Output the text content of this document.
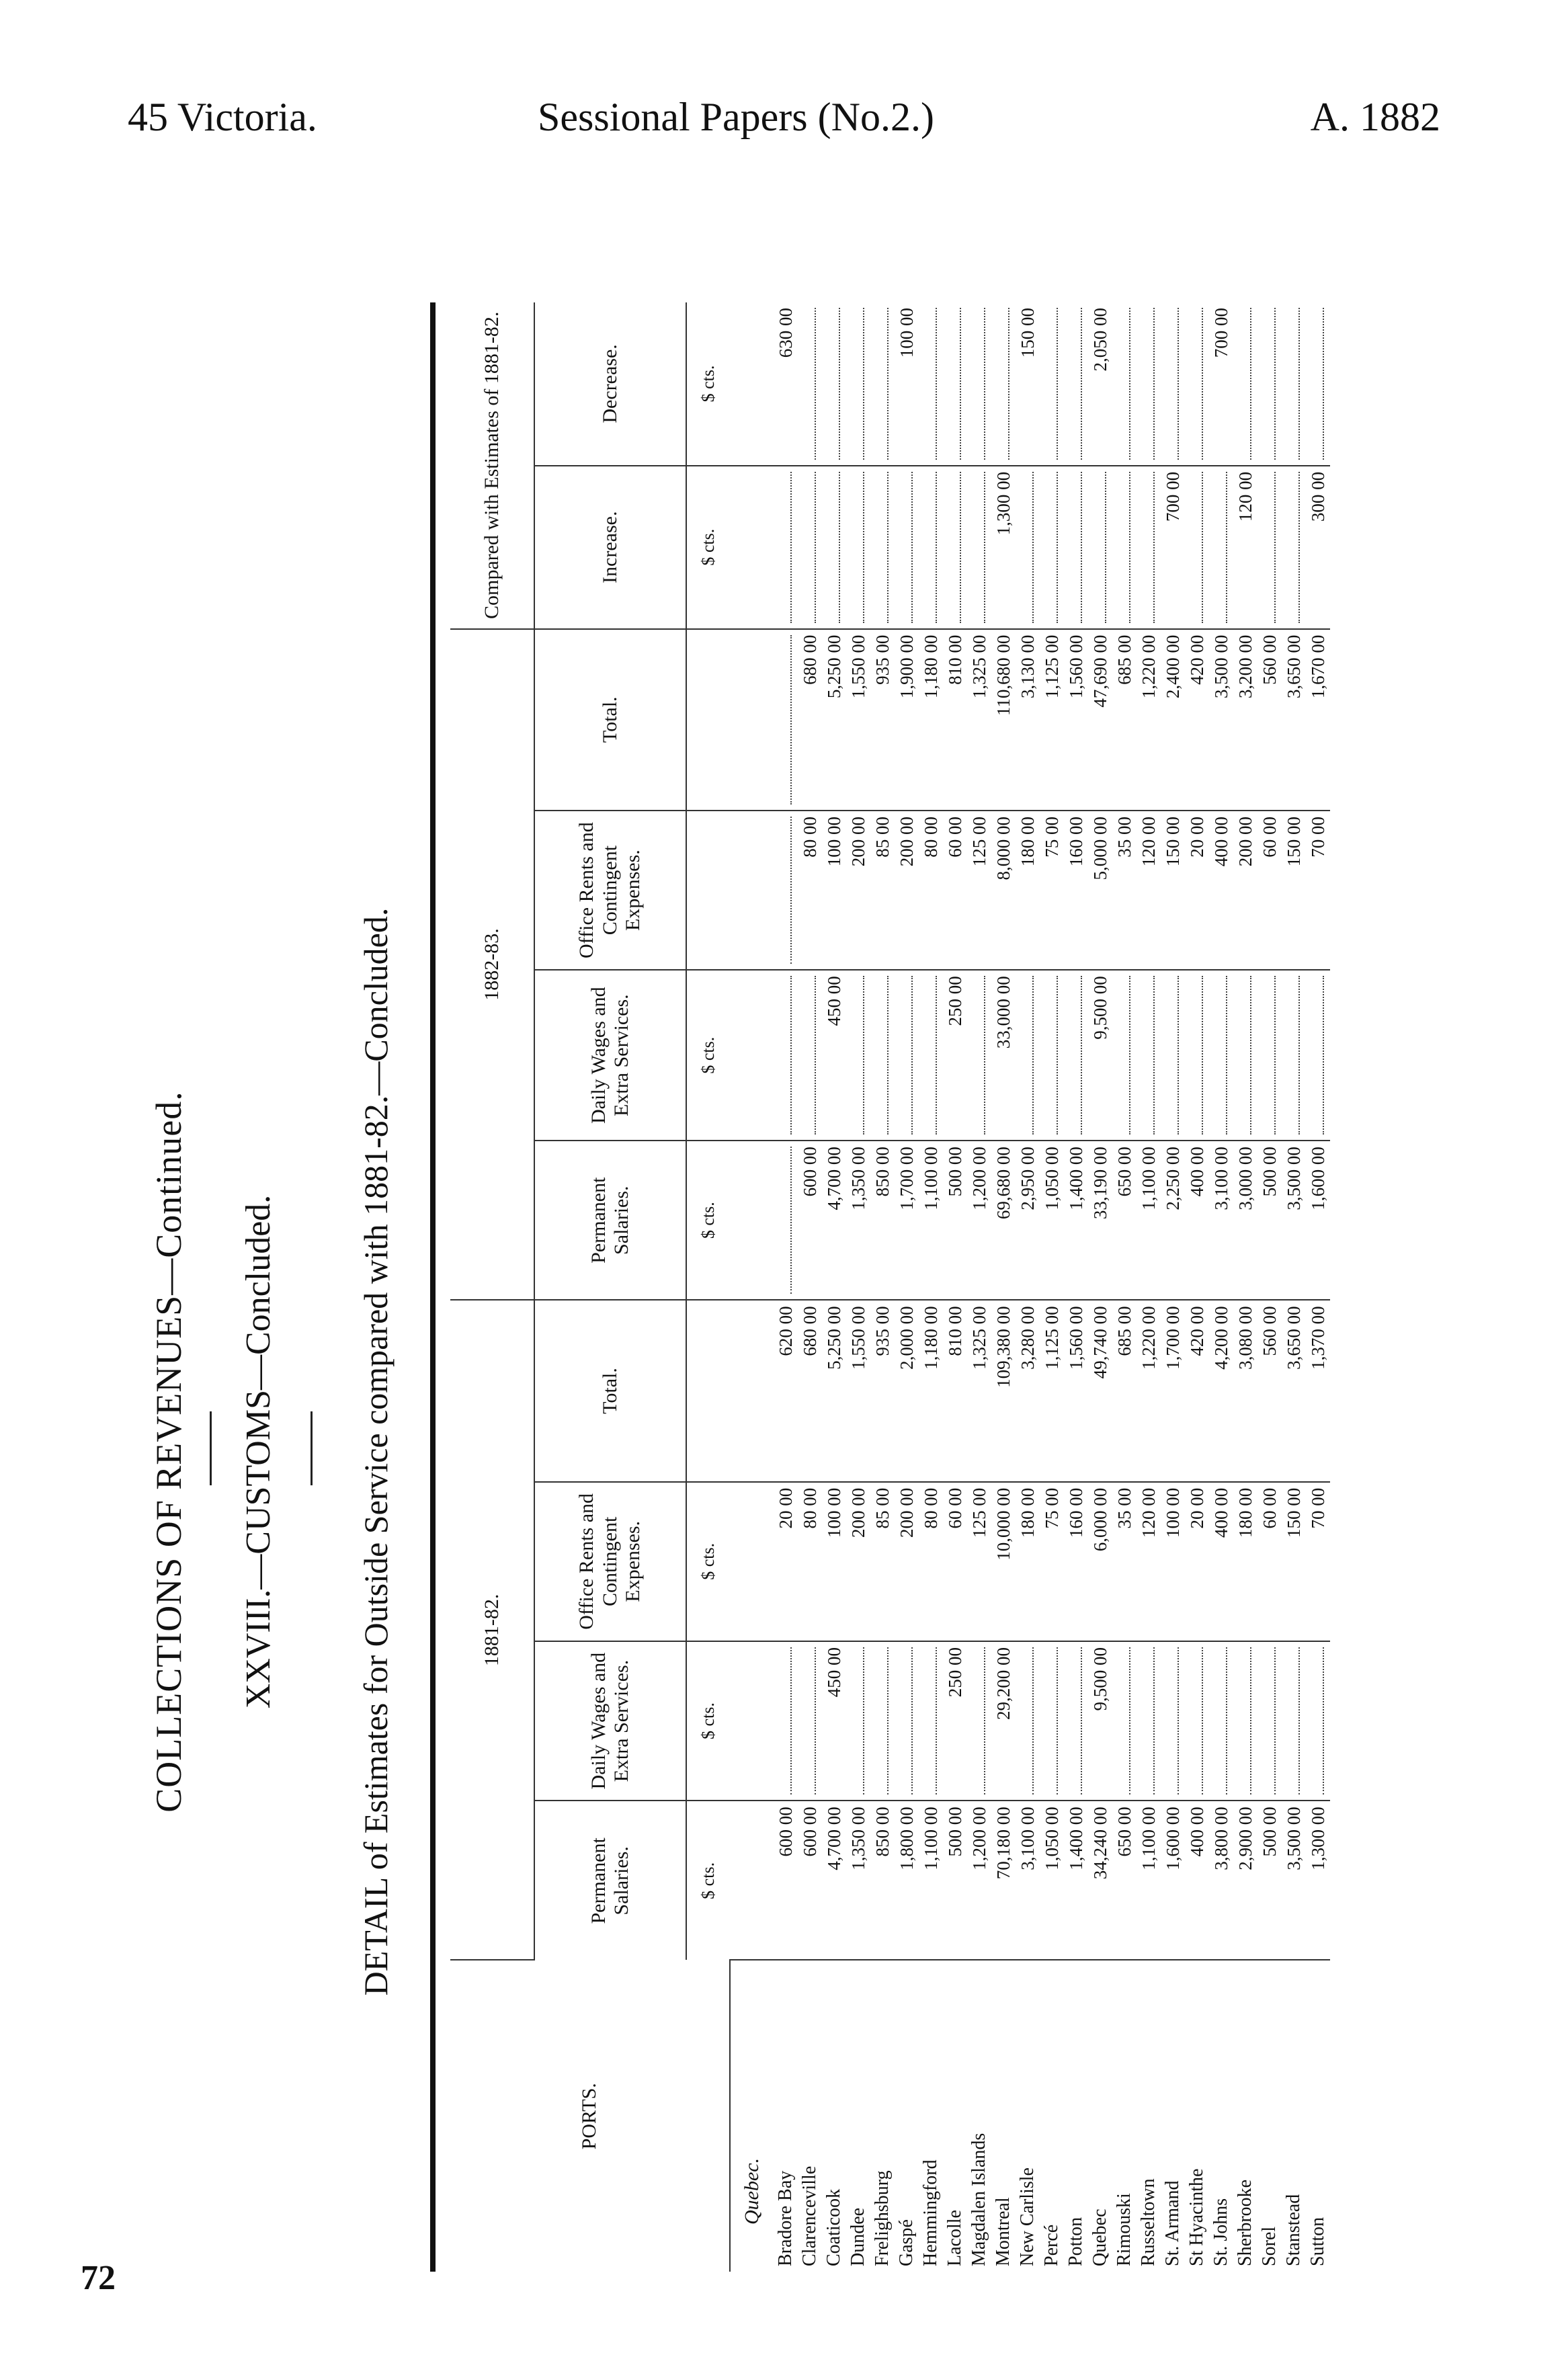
45 Victoria.	Sessional Papers (No.2.)	A. 1882
COLLECTIONS OF REVENUES—Continued. XXVIII.—CUSTOMS—Concluded. DETAIL of Estimates for Outside Service compared with 1881-82.—Concluded.
PORTS.	1881-82.				1882-83.				Compared with Estimates of 1881-82.	
	Permanent Salaries.	Daily Wages and Extra Services.	Office Rents and Contingent Expenses.	Total.	Permanent Salaries.	Daily Wages and Extra Services.	Office Rents and Contingent Expenses.	Total.	Increase.	Decrease.
	$ cts.	$ cts.	$ cts.		$ cts.	$ cts.			$ cts.	$ cts.
Quebec.										
Bradore Bay	600 00		20 00	620 00						630 00
Clarenceville	600 00		80 00	680 00	600 00		80 00	680 00		
Coaticook	4,700 00	450 00	100 00	5,250 00	4,700 00	450 00	100 00	5,250 00		
Dundee	1,350 00		200 00	1,550 00	1,350 00		200 00	1,550 00		
Frelighsburg	850 00		85 00	935 00	850 00		85 00	935 00		
Gaspé	1,800 00		200 00	2,000 00	1,700 00		200 00	1,900 00		100 00
Hemmingford	1,100 00		80 00	1,180 00	1,100 00		80 00	1,180 00		
Lacolle	500 00	250 00	60 00	810 00	500 00	250 00	60 00	810 00		
Magdalen Islands	1,200 00		125 00	1,325 00	1,200 00		125 00	1,325 00		
Montreal	70,180 00	29,200 00	10,000 00	109,380 00	69,680 00	33,000 00	8,000 00	110,680 00	1,300 00	
New Carlisle	3,100 00		180 00	3,280 00	2,950 00		180 00	3,130 00		150 00
Percé	1,050 00		75 00	1,125 00	1,050 00		75 00	1,125 00		
Potton	1,400 00		160 00	1,560 00	1,400 00		160 00	1,560 00		
Quebec	34,240 00	9,500 00	6,000 00	49,740 00	33,190 00	9,500 00	5,000 00	47,690 00		2,050 00
Rimouski	650 00		35 00	685 00	650 00		35 00	685 00		
Russeltown	1,100 00		120 00	1,220 00	1,100 00		120 00	1,220 00		
St. Armand	1,600 00		100 00	1,700 00	2,250 00		150 00	2,400 00	700 00	
St Hyacinthe	400 00		20 00	420 00	400 00		20 00	420 00		
St. Johns	3,800 00		400 00	4,200 00	3,100 00		400 00	3,500 00		700 00
Sherbrooke	2,900 00		180 00	3,080 00	3,000 00		200 00	3,200 00	120 00	
Sorel	500 00		60 00	560 00	500 00		60 00	560 00		
Stanstead	3,500 00		150 00	3,650 00	3,500 00		150 00	3,650 00		
Sutton	1,300 00		70 00	1,370 00	1,600 00		70 00	1,670 00	300 00	
72
